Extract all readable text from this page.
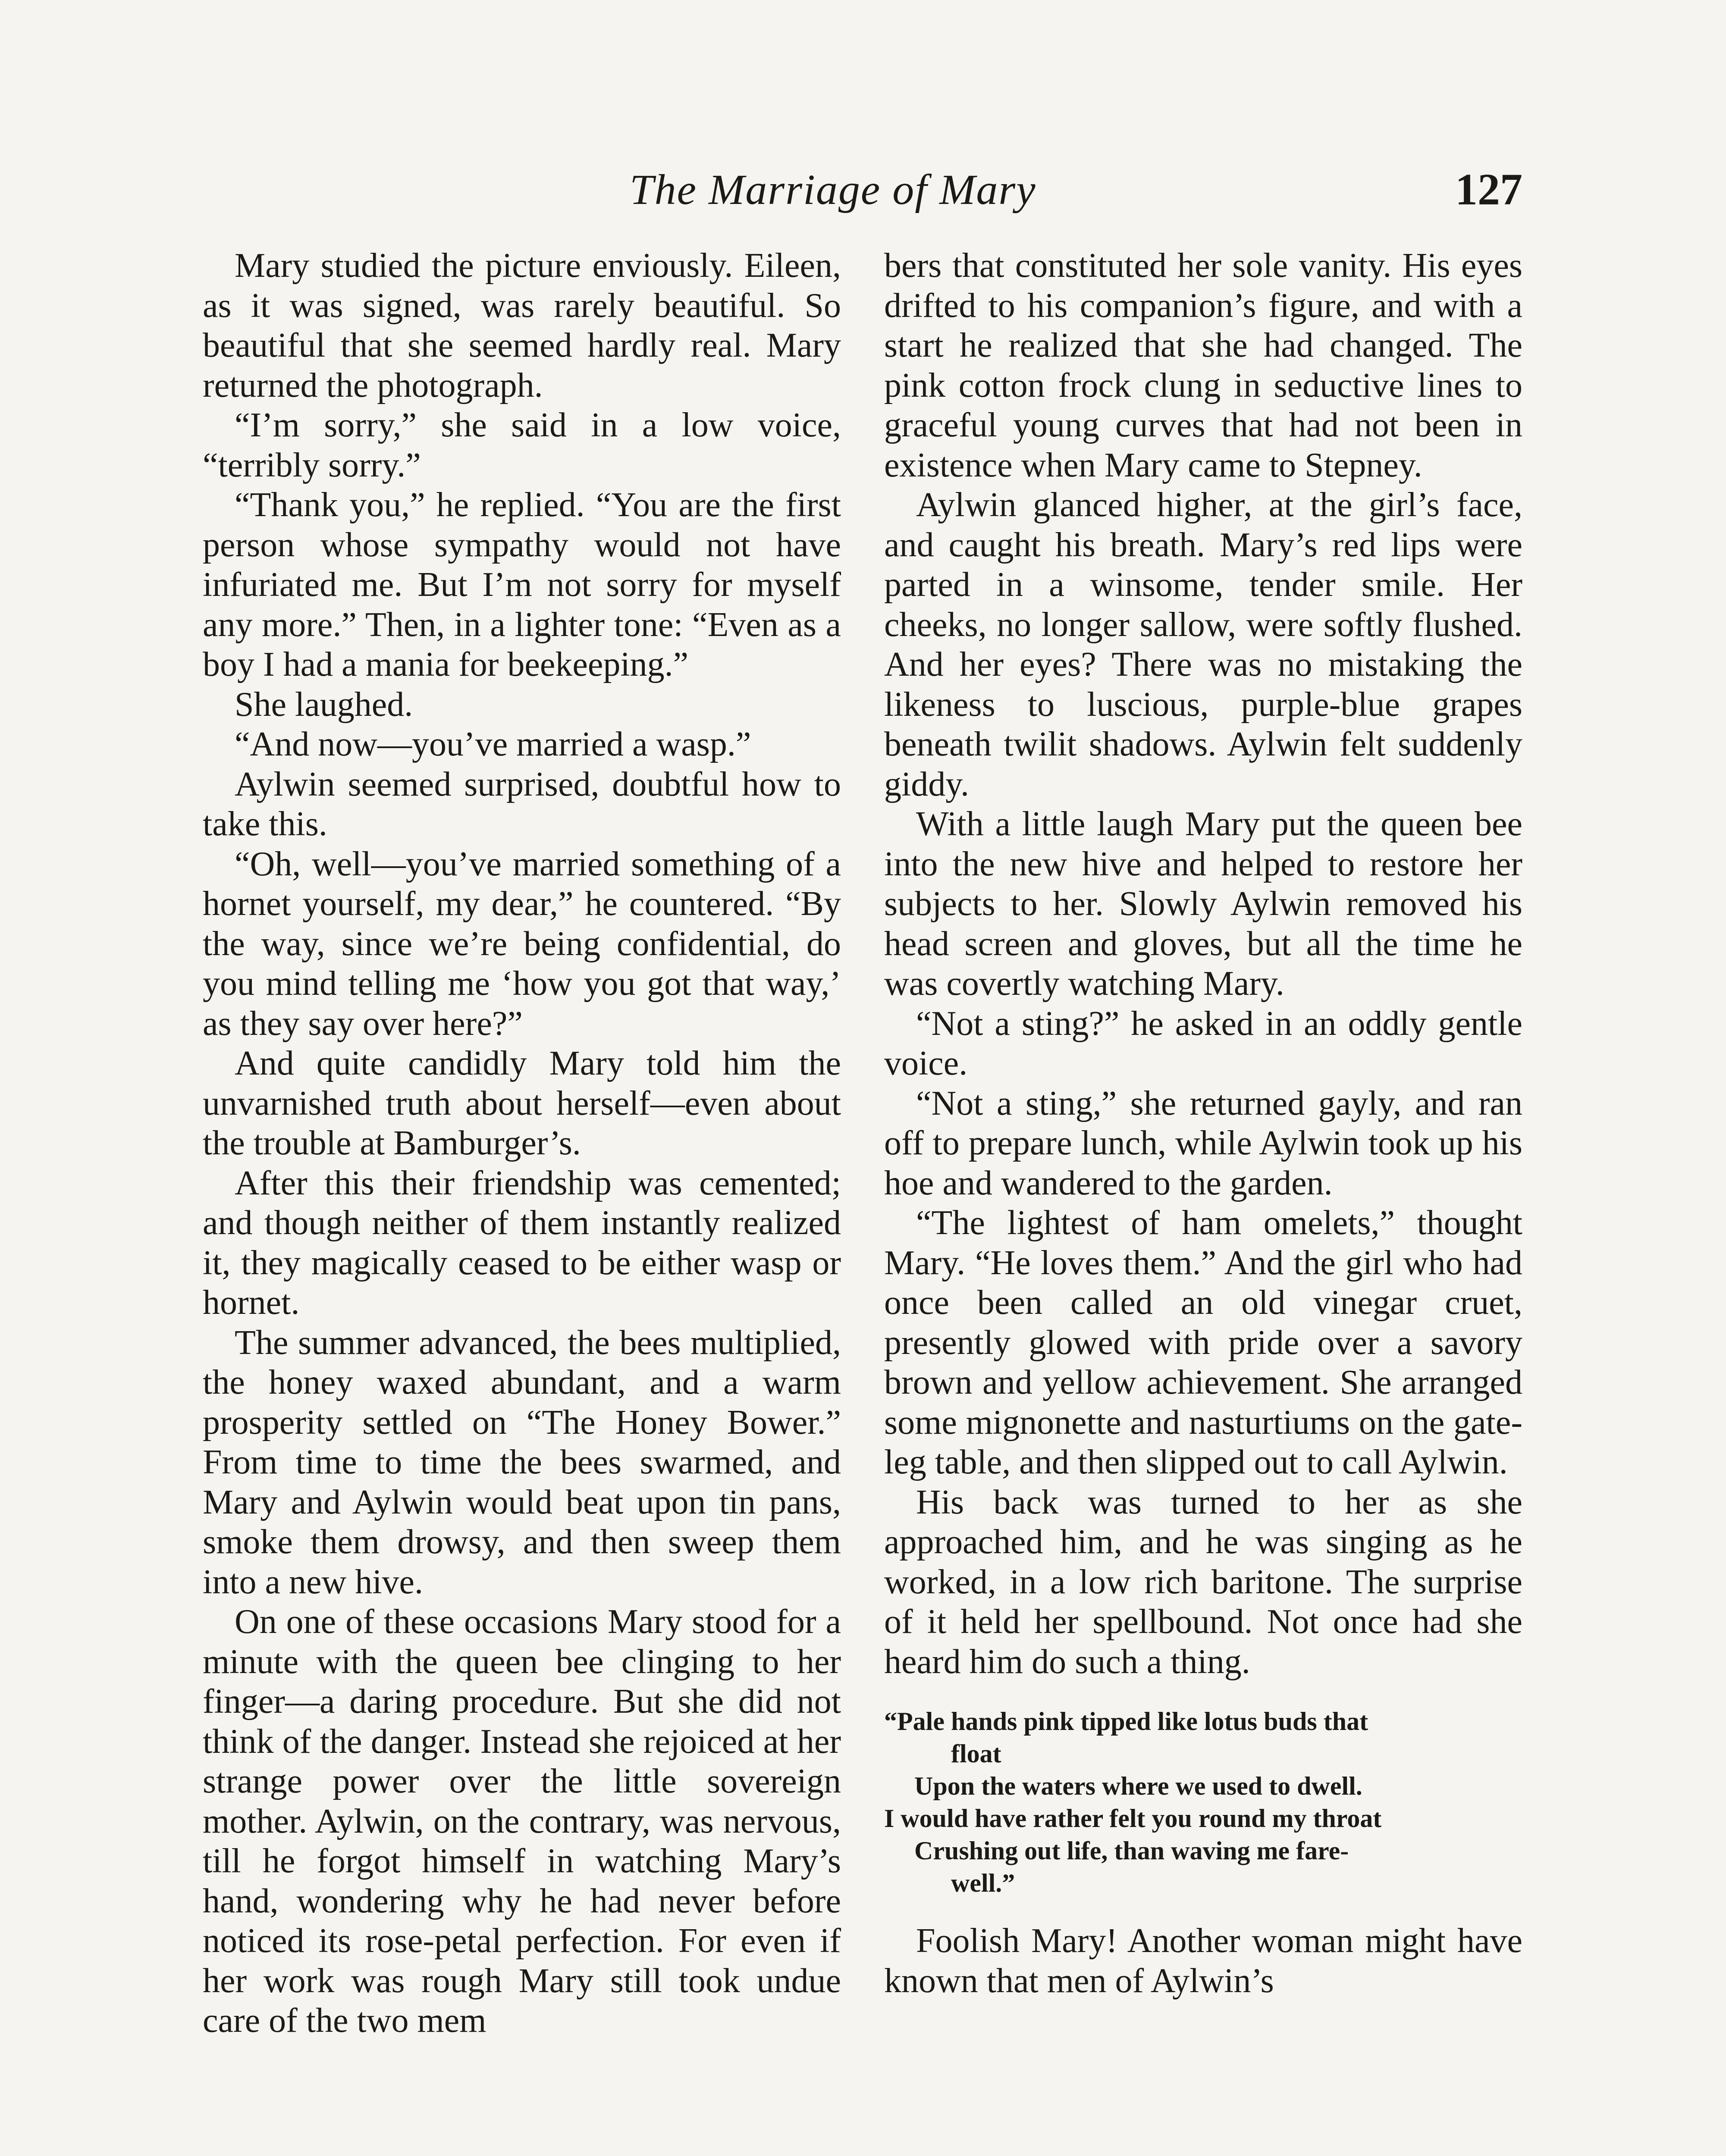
The Marriage of Mary	127

Mary studied the picture enviously. Eileen, as it was signed, was rarely beautiful. So beautiful that she seemed hardly real. Mary returned the photograph.

“I’m sorry,” she said in a low voice, “terribly sorry.”

“Thank you,” he replied. “You are the first person whose sympathy would not have infuriated me. But I’m not sorry for myself any more.” Then, in a lighter tone: “Even as a boy I had a mania for beekeeping.”

She laughed.

“And now—you’ve married a wasp.”

Aylwin seemed surprised, doubtful how to take this.

“Oh, well—you’ve married something of a hornet yourself, my dear,” he countered. “By the way, since we’re being confidential, do you mind telling me ‘how you got that way,’ as they say over here?”

And quite candidly Mary told him the unvarnished truth about herself—even about the trouble at Bamburger’s.

After this their friendship was cemented; and though neither of them instantly realized it, they magically ceased to be either wasp or hornet.

The summer advanced, the bees multiplied, the honey waxed abundant, and a warm prosperity settled on “The Honey Bower.” From time to time the bees swarmed, and Mary and Aylwin would beat upon tin pans, smoke them drowsy, and then sweep them into a new hive.

On one of these occasions Mary stood for a minute with the queen bee clinging to her finger—a daring procedure. But she did not think of the danger. Instead she rejoiced at her strange power over the little sovereign mother. Aylwin, on the contrary, was nervous, till he forgot himself in watching Mary’s hand, wondering why he had never before noticed its rose-petal perfection. For even if her work was rough Mary still took undue care of the two mem

bers that constituted her sole vanity. His eyes drifted to his companion’s figure, and with a start he realized that she had changed. The pink cotton frock clung in seductive lines to graceful young curves that had not been in existence when Mary came to Stepney.

Aylwin glanced higher, at the girl’s face, and caught his breath. Mary’s red lips were parted in a winsome, tender smile. Her cheeks, no longer sallow, were softly flushed. And her eyes? There was no mistaking the likeness to luscious, purple-blue grapes beneath twilit shadows. Aylwin felt suddenly giddy.

With a little laugh Mary put the queen bee into the new hive and helped to restore her subjects to her. Slowly Aylwin removed his head screen and gloves, but all the time he was covertly watching Mary.

“Not a sting?” he asked in an oddly gentle voice.

“Not a sting,” she returned gayly, and ran off to prepare lunch, while Aylwin took up his hoe and wandered to the garden.

“The lightest of ham omelets,” thought Mary. “He loves them.” And the girl who had once been called an old vinegar cruet, presently glowed with pride over a savory brown and yellow achievement. She arranged some mignonette and nasturtiums on the gateleg table, and then slipped out to call Aylwin.

His back was turned to her as she approached him, and he was singing as he worked, in a low rich baritone. The surprise of it held her spellbound. Not once had she heard him do such a thing.

“Pale hands pink tipped like lotus buds that
float
Upon the waters where we used to dwell.
I would have rather felt you round my throat
Crushing out life, than waving me fare-
well.”

Foolish Mary! Another woman might have known that men of Aylwin’s
